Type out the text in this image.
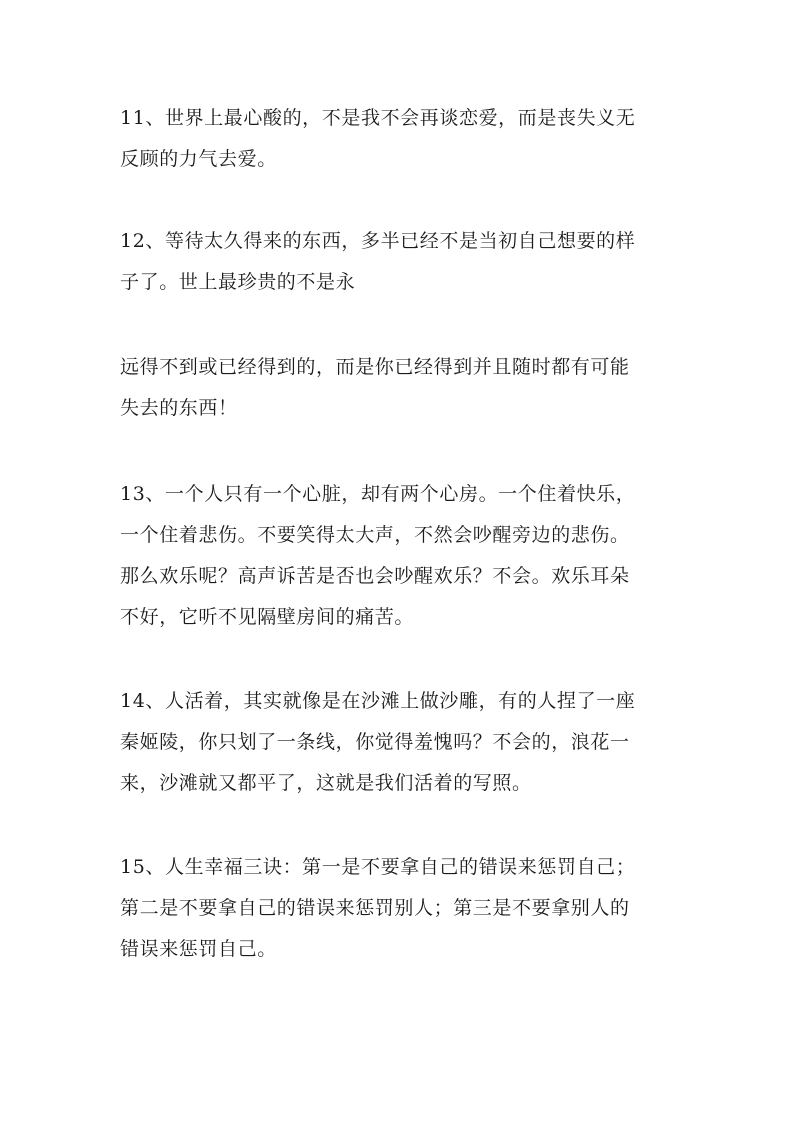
11、世界上最心酸的，不是我不会再谈恋爱，而是丧失义无
反顾的力气去爱。
12、等待太久得来的东西，多半已经不是当初自己想要的样
子了。世上最珍贵的不是永
远得不到或已经得到的，而是你已经得到并且随时都有可能
失去的东西！
13、一个人只有一个心脏，却有两个心房。一个住着快乐，
一个住着悲伤。不要笑得太大声，不然会吵醒旁边的悲伤。
那么欢乐呢？高声诉苦是否也会吵醒欢乐？不会。欢乐耳朵
不好，它听不见隔壁房间的痛苦。
14、人活着，其实就像是在沙滩上做沙雕，有的人捏了一座
秦姬陵，你只划了一条线，你觉得羞愧吗？不会的，浪花一
来，沙滩就又都平了，这就是我们活着的写照。
15、人生幸福三诀：第一是不要拿自己的错误来惩罚自己；
第二是不要拿自己的错误来惩罚别人；第三是不要拿别人的
错误来惩罚自己。
